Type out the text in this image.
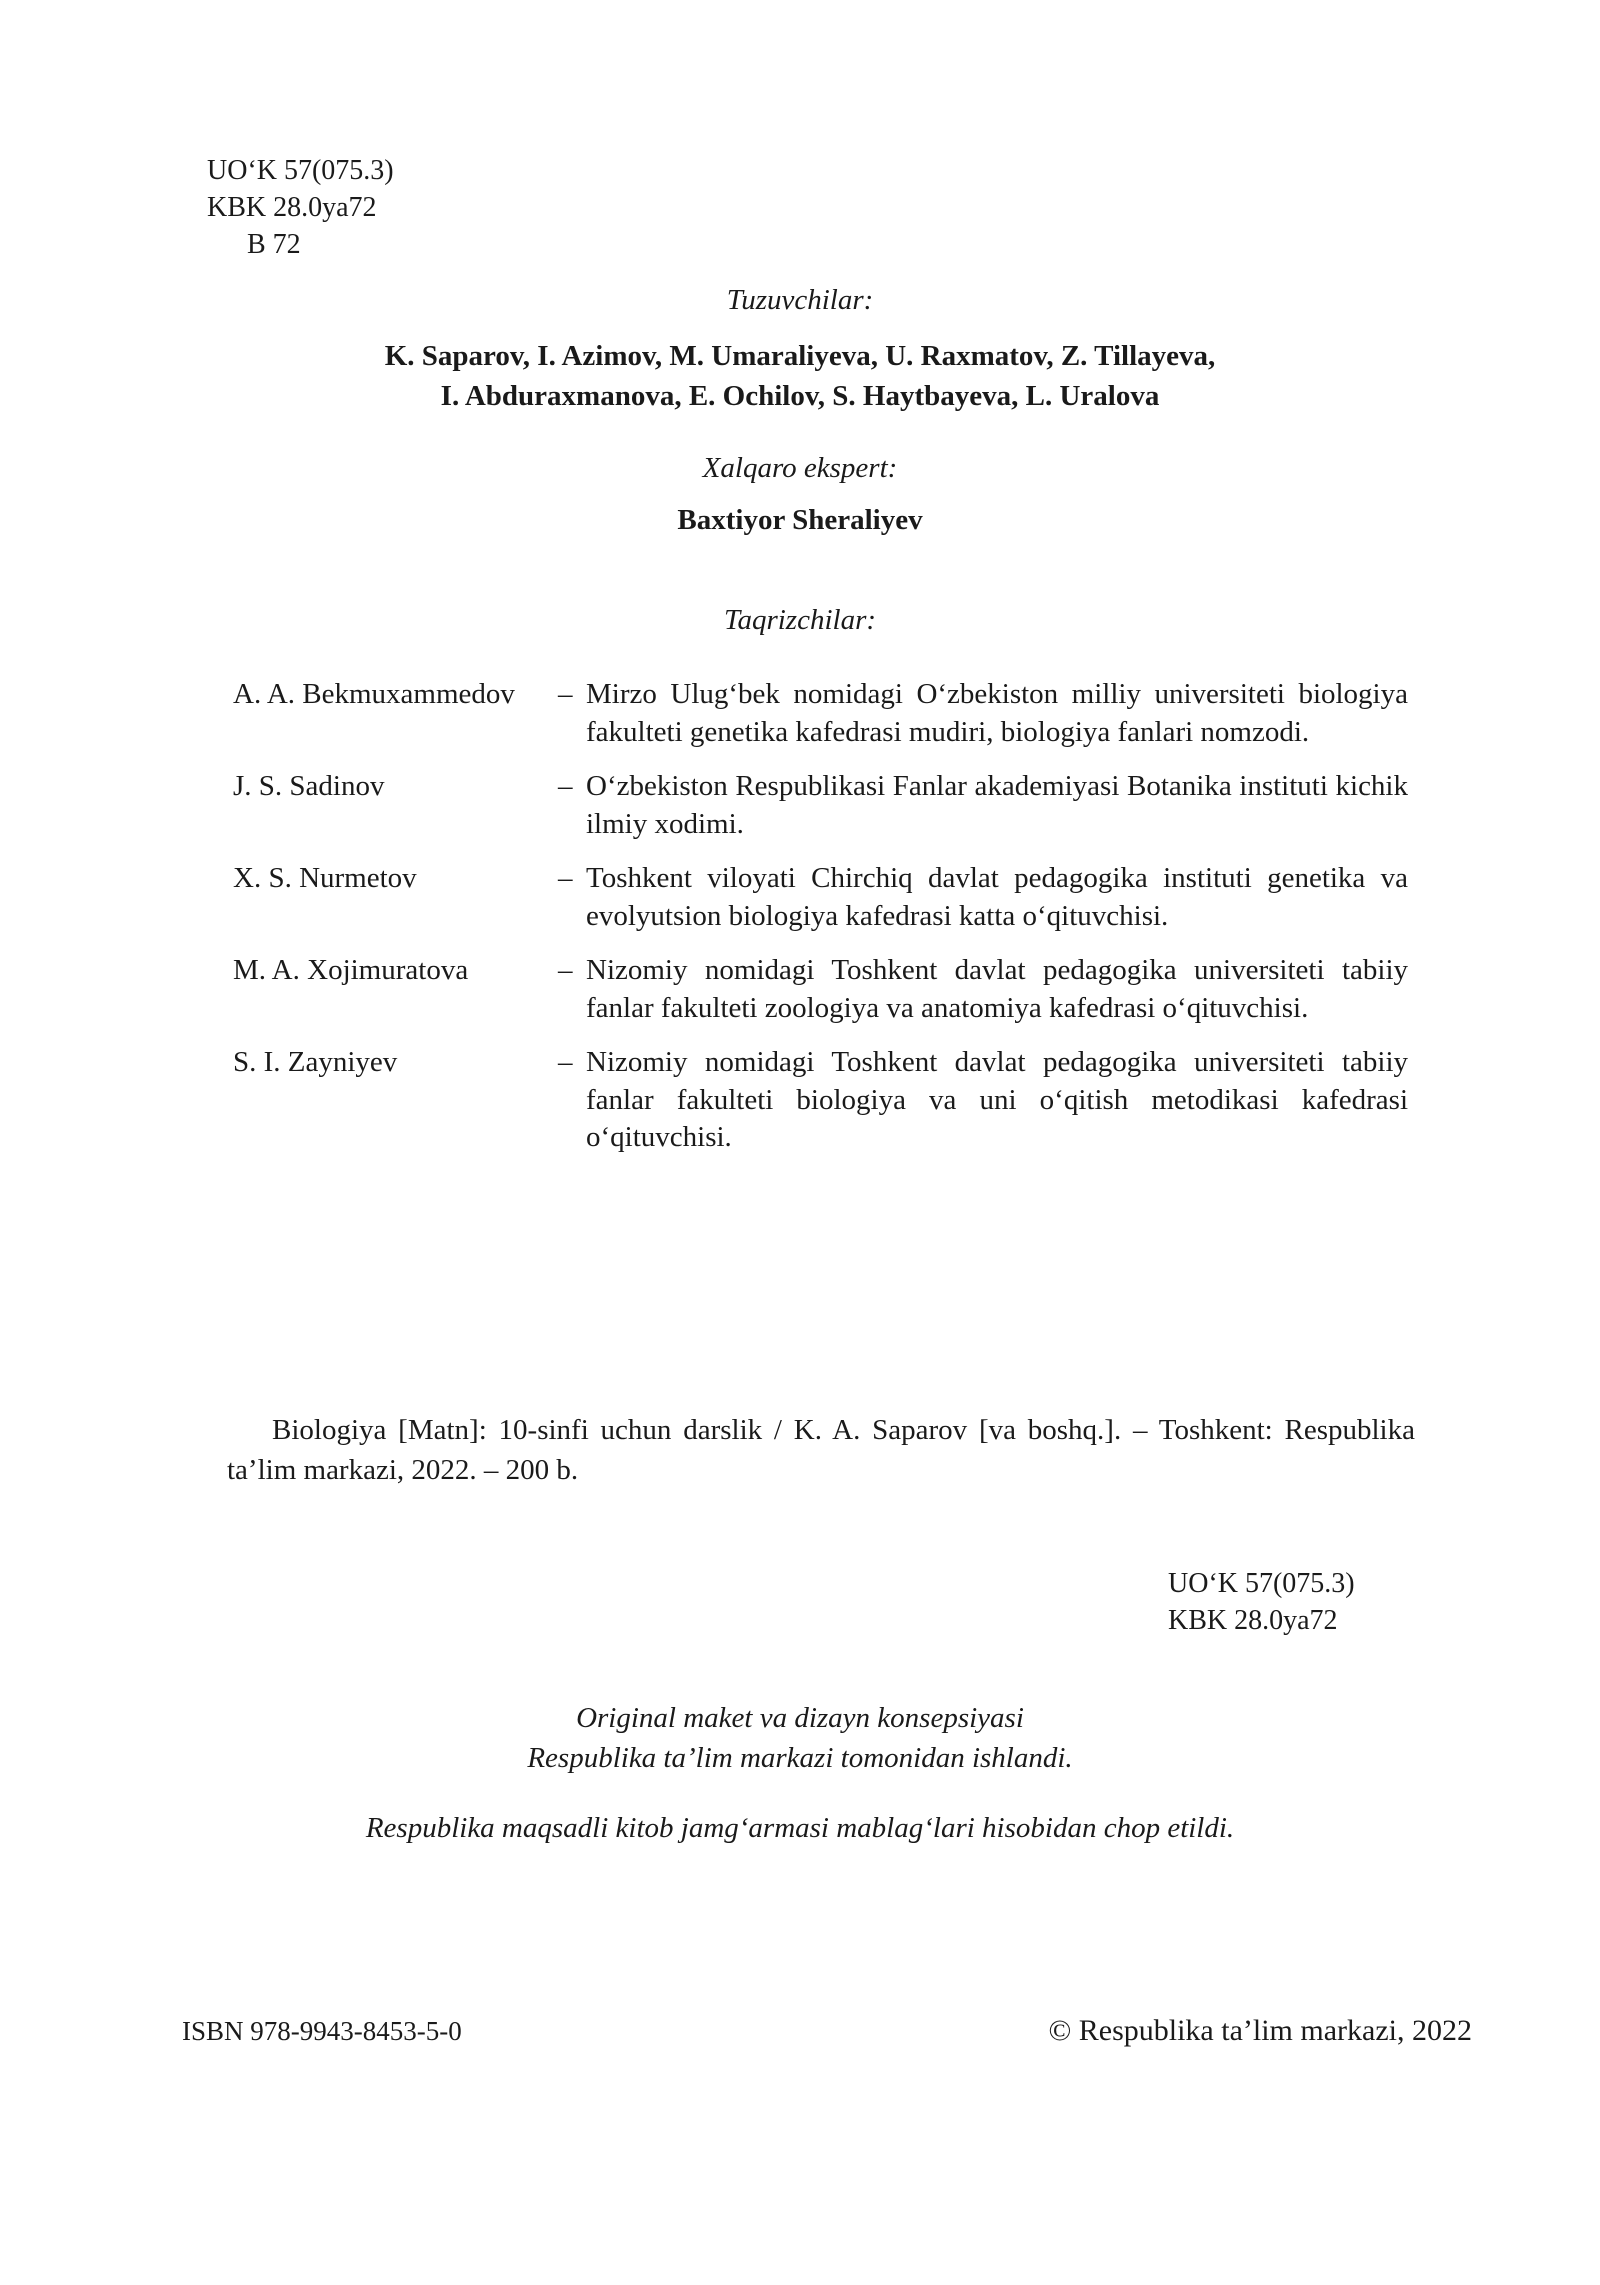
UO‘K 57(075.3)
KBK 28.0ya72
B 72
Tuzuvchilar:
K. Saparov, I. Azimov, M. Umaraliyeva, U. Raxmatov, Z. Tillayeva,
I. Abduraxmanova, E. Ochilov, S. Haytbayeva, L. Uralova
Xalqaro ekspert:
Baxtiyor Sheraliyev
Taqrizchilar:
A. A. Bekmuxammedov	– Mirzo Ulug‘bek nomidagi O‘zbekiston milliy universiteti biologiya fakulteti genetika kafedrasi mudiri, biologiya fanlari nomzodi.
J. S. Sadinov	– O‘zbekiston Respublikasi Fanlar akademiyasi Botanika instituti kichik ilmiy xodimi.
X. S. Nurmetov	– Toshkent viloyati Chirchiq davlat pedagogika instituti genetika va evolyutsion biologiya kafedrasi katta o‘qituvchisi.
M. A. Xojimuratova	– Nizomiy nomidagi Toshkent davlat pedagogika universiteti tabiiy fanlar fakulteti zoologiya va anatomiya kafedrasi o‘qituvchisi.
S. I. Zayniyev	– Nizomiy nomidagi Toshkent davlat pedagogika universiteti tabiiy fanlar fakulteti biologiya va uni o‘qitish metodikasi kafedrasi o‘qituvchisi.
Biologiya [Matn]: 10-sinfi uchun darslik / K. A. Saparov [va boshq.]. – Toshkent: Respublika ta’lim markazi, 2022. – 200 b.
UO‘K 57(075.3)
KBK 28.0ya72
Original maket va dizayn konsepsiyasi
Respublika ta’lim markazi tomonidan ishlandi.
Respublika maqsadli kitob jamg‘armasi mablag‘lari hisobidan chop etildi.
ISBN 978-9943-8453-5-0	© Respublika ta’lim markazi, 2022
